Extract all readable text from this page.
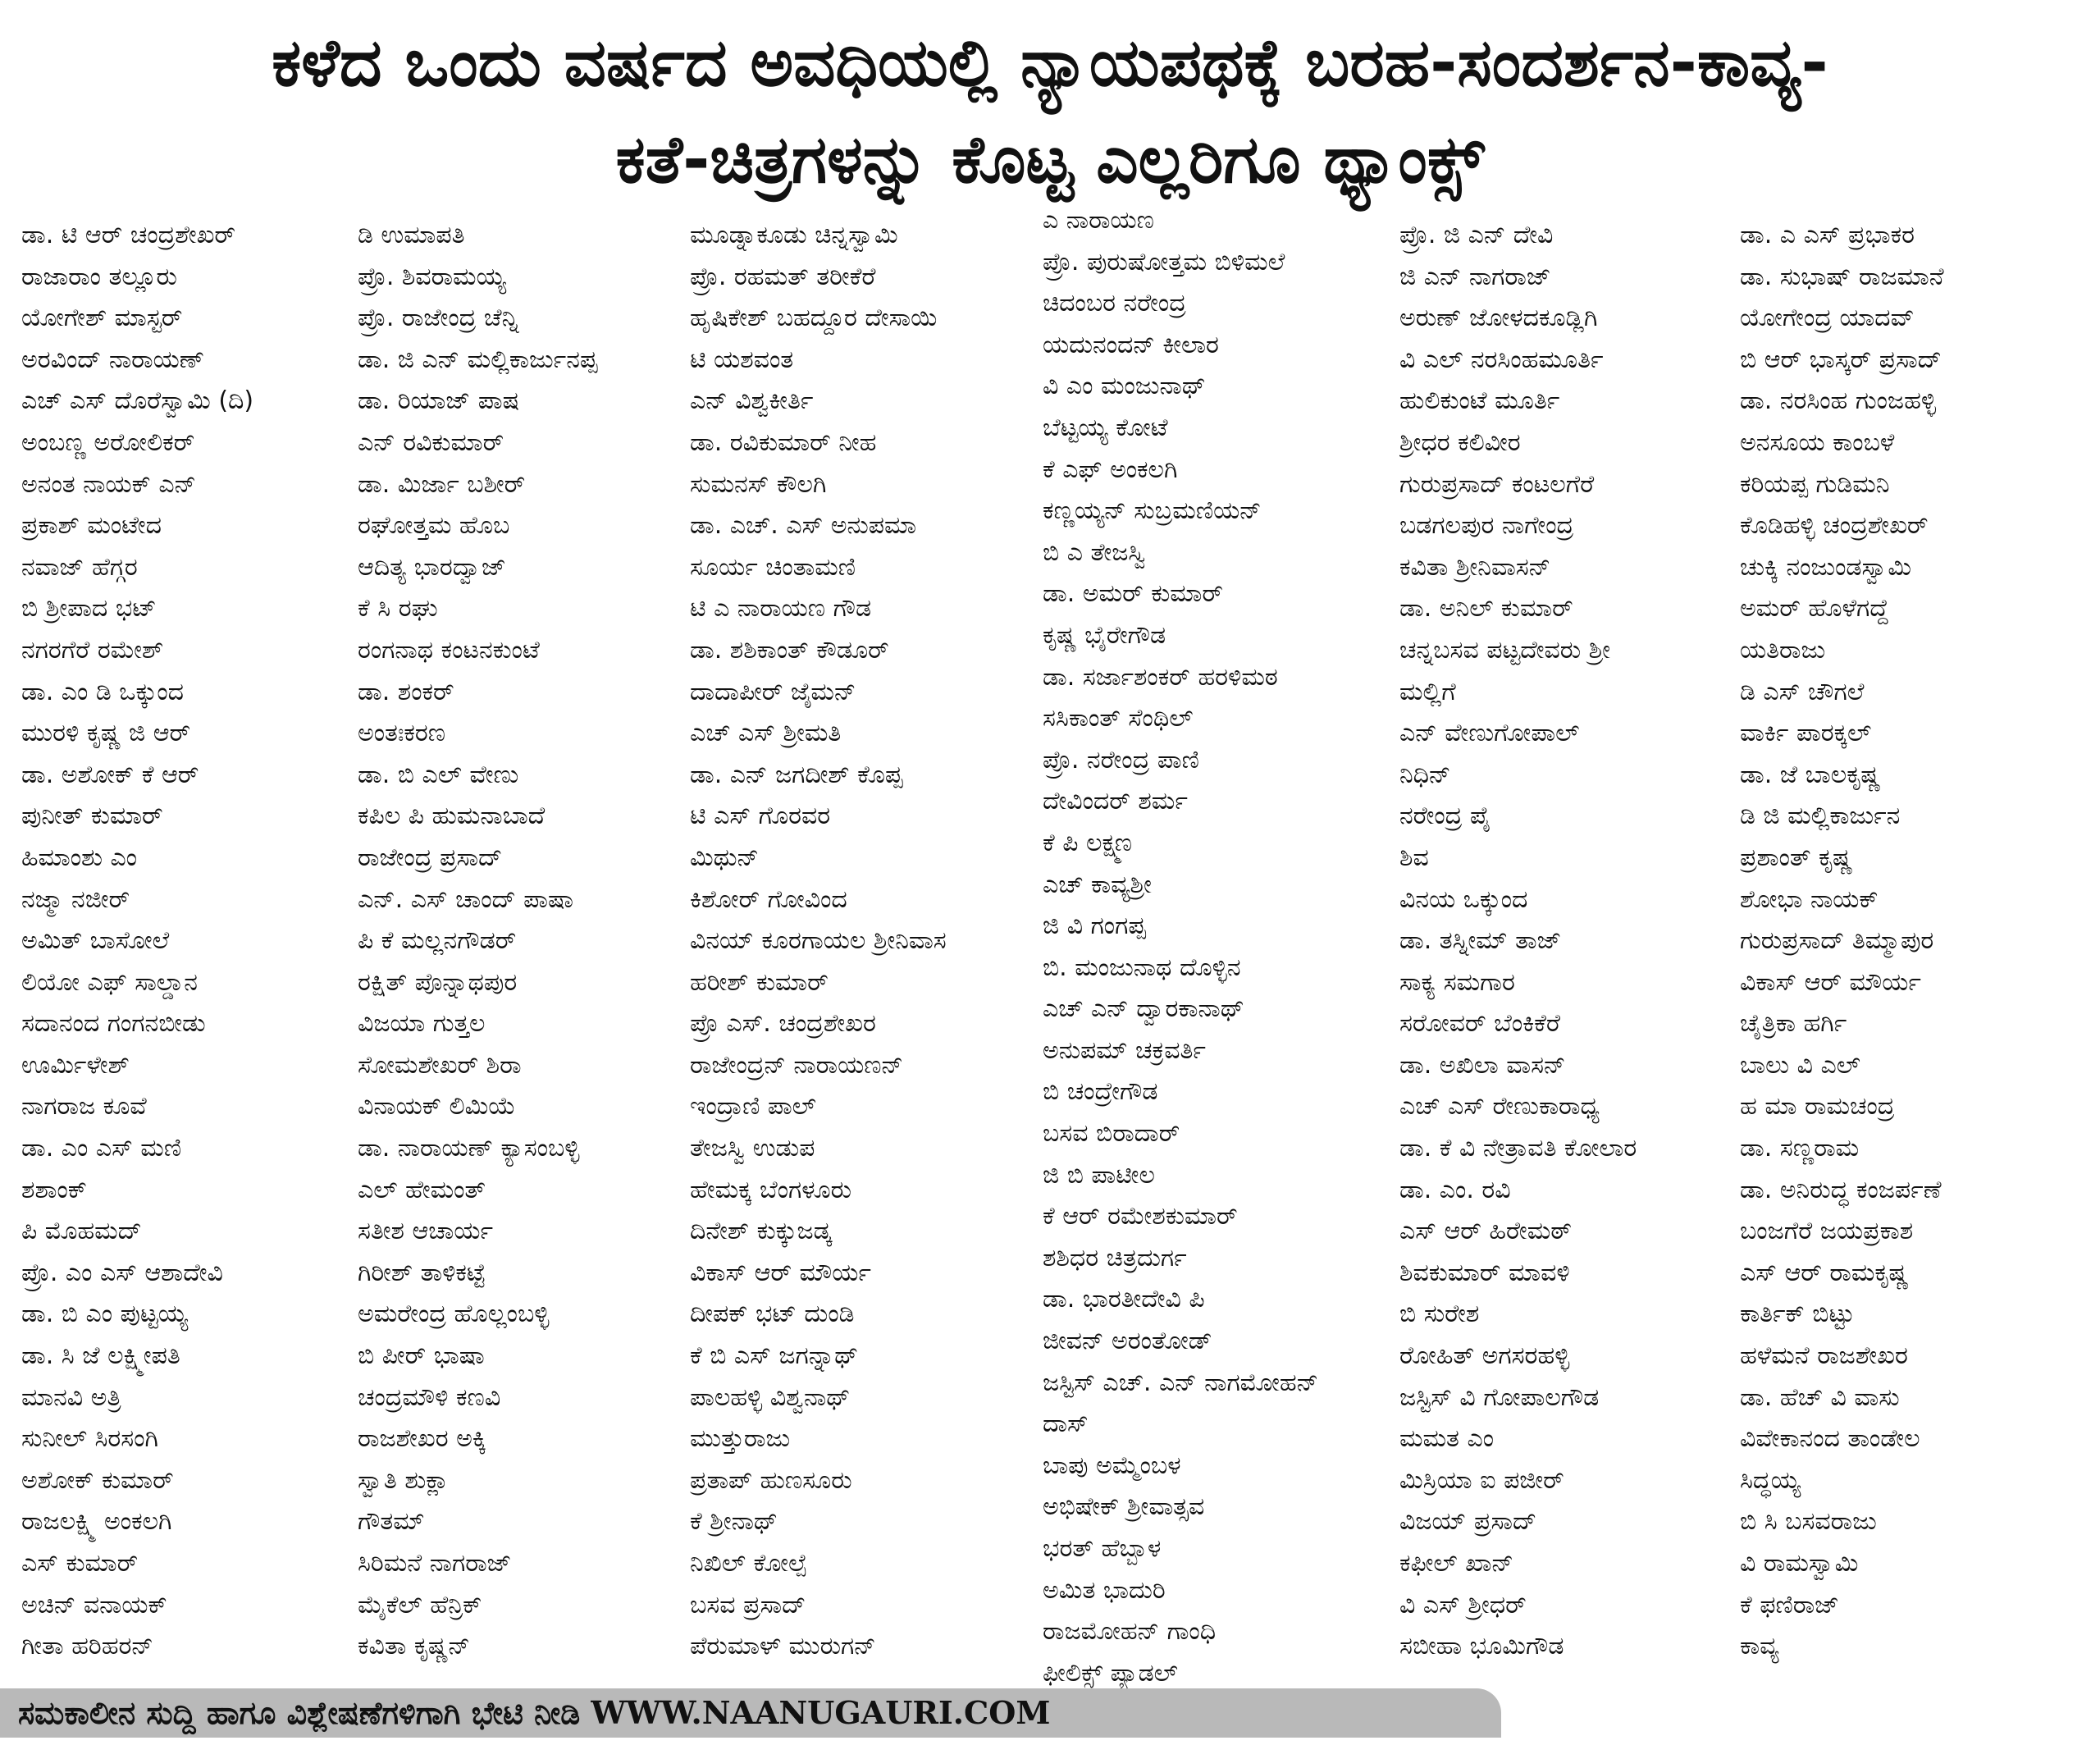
ಕಳೆದ ಒಂದು ವರ್ಷದ ಅವಧಿಯಲ್ಲಿ ನ್ಯಾಯಪಥಕ್ಕೆ ಬರಹ-ಸಂದರ್ಶನ-ಕಾವ್ಯ-
ಕತೆ-ಚಿತ್ರಗಳನ್ನು ಕೊಟ್ಟ ಎಲ್ಲರಿಗೂ ಥ್ಯಾಂಕ್ಸ್
ಡಾ. ಟಿ ಆರ್ ಚಂದ್ರಶೇಖರ್
ರಾಜಾರಾಂ ತಲ್ಲೂರು
ಯೋಗೇಶ್ ಮಾಸ್ಟರ್
ಅರವಿಂದ್ ನಾರಾಯಣ್
ಎಚ್ ಎಸ್ ದೊರೆಸ್ವಾಮಿ (ದಿ)
ಅಂಬಣ್ಣ ಅರೋಲಿಕರ್
ಅನಂತ ನಾಯಕ್ ಎನ್
ಪ್ರಕಾಶ್ ಮಂಟೇದ
ನವಾಜ್ ಹೆಗ್ಗರ
ಬಿ ಶ್ರೀಪಾದ ಭಟ್
ನಗರಗೆರೆ ರಮೇಶ್
ಡಾ. ಎಂ ಡಿ ಒಕ್ಕುಂದ
ಮುರಳಿ ಕೃಷ್ಣ ಜಿ ಆರ್
ಡಾ. ಅಶೋಕ್ ಕೆ ಆರ್
ಪುನೀತ್ ಕುಮಾರ್
ಹಿಮಾಂಶು ಎಂ
ನಜ್ಮಾ ನಜೀರ್
ಅಮಿತ್ ಬಾಸೋಲೆ
ಲಿಯೋ ಎಫ್ ಸಾಲ್ಡಾನ
ಸದಾನಂದ ಗಂಗನಬೀಡು
ಊರ್ಮಿಳೇಶ್
ನಾಗರಾಜ ಕೂವೆ
ಡಾ. ಎಂ ಎಸ್ ಮಣಿ
ಶಶಾಂಕ್
ಪಿ ಮೊಹಮದ್
ಪ್ರೊ. ಎಂ ಎಸ್ ಆಶಾದೇವಿ
ಡಾ. ಬಿ ಎಂ ಪುಟ್ಟಯ್ಯ
ಡಾ. ಸಿ ಜೆ ಲಕ್ಷ್ಮೀಪತಿ
ಮಾನವಿ ಅತ್ರಿ
ಸುನೀಲ್ ಸಿರಸಂಗಿ
ಅಶೋಕ್ ಕುಮಾರ್
ರಾಜಲಕ್ಷ್ಮಿ ಅಂಕಲಗಿ
ಎಸ್ ಕುಮಾರ್
ಅಚಿನ್ ವನಾಯಕ್
ಗೀತಾ ಹರಿಹರನ್
ಡಿ ಉಮಾಪತಿ
ಪ್ರೊ. ಶಿವರಾಮಯ್ಯ
ಪ್ರೊ. ರಾಜೇಂದ್ರ ಚೆನ್ನಿ
ಡಾ. ಜಿ ಎನ್ ಮಲ್ಲಿಕಾರ್ಜುನಪ್ಪ
ಡಾ. ರಿಯಾಜ್ ಪಾಷ
ಎನ್ ರವಿಕುಮಾರ್
ಡಾ. ಮಿರ್ಜಾ ಬಶೀರ್
ರಘೋತ್ತಮ ಹೊಬ
ಆದಿತ್ಯ ಭಾರದ್ವಾಜ್
ಕೆ ಸಿ ರಘು
ರಂಗನಾಥ ಕಂಟನಕುಂಟೆ
ಡಾ. ಶಂಕರ್
ಅಂತಃಕರಣ
ಡಾ. ಬಿ ಎಲ್ ವೇಣು
ಕಪಿಲ ಪಿ ಹುಮನಾಬಾದೆ
ರಾಜೇಂದ್ರ ಪ್ರಸಾದ್
ಎನ್. ಎಸ್ ಚಾಂದ್ ಪಾಷಾ
ಪಿ ಕೆ ಮಲ್ಲನಗೌಡರ್
ರಕ್ಷಿತ್ ಪೊನ್ನಾಥಪುರ
ವಿಜಯಾ ಗುತ್ತಲ
ಸೋಮಶೇಖರ್ ಶಿರಾ
ವಿನಾಯಕ್ ಲಿಮಿಯೆ
ಡಾ. ನಾರಾಯಣ್ ಕ್ಯಾಸಂಬಳ್ಳಿ
ಎಲ್ ಹೇಮಂತ್
ಸತೀಶ ಆಚಾರ್ಯ
ಗಿರೀಶ್ ತಾಳಿಕಟ್ಟೆ
ಅಮರೇಂದ್ರ ಹೊಲ್ಲಂಬಳ್ಳಿ
ಬಿ ಪೀರ್ ಭಾಷಾ
ಚಂದ್ರಮೌಳಿ ಕಣವಿ
ರಾಜಶೇಖರ ಅಕ್ಕಿ
ಸ್ವಾತಿ ಶುಕ್ಲಾ
ಗೌತಮ್
ಸಿರಿಮನೆ ನಾಗರಾಜ್
ಮೈಕೆಲ್ ಹೆನ್ರಿಕ್
ಕವಿತಾ ಕೃಷ್ಣನ್
ಮೂಡ್ನಾಕೂಡು ಚಿನ್ನಸ್ವಾಮಿ
ಪ್ರೊ. ರಹಮತ್ ತರೀಕೆರೆ
ಹೃಷಿಕೇಶ್ ಬಹದ್ದೂರ ದೇಸಾಯಿ
ಟಿ ಯಶವಂತ
ಎನ್ ವಿಶ್ವಕೀರ್ತಿ
ಡಾ. ರವಿಕುಮಾರ್ ನೀಹ
ಸುಮನಸ್ ಕೌಲಗಿ
ಡಾ. ಎಚ್. ಎಸ್ ಅನುಪಮಾ
ಸೂರ್ಯ ಚಿಂತಾಮಣಿ
ಟಿ ಎ ನಾರಾಯಣ ಗೌಡ
ಡಾ. ಶಶಿಕಾಂತ್ ಕೌಡೂರ್
ದಾದಾಪೀರ್ ಜೈಮನ್
ಎಚ್ ಎಸ್ ಶ್ರೀಮತಿ
ಡಾ. ಎನ್ ಜಗದೀಶ್ ಕೊಪ್ಪ
ಟಿ ಎಸ್ ಗೊರವರ
ಮಿಥುನ್
ಕಿಶೋರ್ ಗೋವಿಂದ
ವಿನಯ್ ಕೂರಗಾಯಲ ಶ್ರೀನಿವಾಸ
ಹರೀಶ್ ಕುಮಾರ್
ಪ್ರೊ ಎಸ್. ಚಂದ್ರಶೇಖರ
ರಾಜೇಂದ್ರನ್ ನಾರಾಯಣನ್
ಇಂದ್ರಾಣಿ ಪಾಲ್
ತೇಜಸ್ವಿ ಉಡುಪ
ಹೇಮಕ್ಕ ಬೆಂಗಳೂರು
ದಿನೇಶ್ ಕುಕ್ಕುಜಡ್ಕ
ವಿಕಾಸ್ ಆರ್ ಮೌರ್ಯ
ದೀಪಕ್ ಭಟ್ ದುಂಡಿ
ಕೆ ಬಿ ಎಸ್ ಜಗನ್ನಾಥ್
ಪಾಲಹಳ್ಳಿ ವಿಶ್ವನಾಥ್
ಮುತ್ತುರಾಜು
ಪ್ರತಾಪ್ ಹುಣಸೂರು
ಕೆ ಶ್ರೀನಾಥ್
ನಿಖಿಲ್ ಕೋಲ್ಪೆ
ಬಸವ ಪ್ರಸಾದ್
ಪೆರುಮಾಳ್ ಮುರುಗನ್
ಎ ನಾರಾಯಣ
ಪ್ರೊ. ಪುರುಷೋತ್ತಮ ಬಿಳಿಮಲೆ
ಚಿದಂಬರ ನರೇಂದ್ರ
ಯದುನಂದನ್ ಕೀಲಾರ
ವಿ ಎಂ ಮಂಜುನಾಥ್
ಬೆಟ್ಟಯ್ಯ ಕೋಟೆ
ಕೆ ಎಫ್ ಅಂಕಲಗಿ
ಕಣ್ಣಯ್ಯನ್ ಸುಬ್ರಮಣಿಯನ್
ಬಿ ಎ ತೇಜಸ್ವಿ
ಡಾ. ಅಮರ್ ಕುಮಾರ್
ಕೃಷ್ಣ ಭೈರೇಗೌಡ
ಡಾ. ಸರ್ಜಾಶಂಕರ್ ಹರಳಿಮಠ
ಸಸಿಕಾಂತ್ ಸೆಂಥಿಲ್
ಪ್ರೊ. ನರೇಂದ್ರ ಪಾಣಿ
ದೇವಿಂದರ್ ಶರ್ಮ
ಕೆ ಪಿ ಲಕ್ಷ್ಮಣ
ಎಚ್ ಕಾವ್ಯಶ್ರೀ
ಜಿ ವಿ ಗಂಗಪ್ಪ
ಬಿ. ಮಂಜುನಾಥ ದೊಳ್ಳಿನ
ಎಚ್ ಎನ್ ದ್ವಾರಕಾನಾಥ್
ಅನುಪಮ್ ಚಕ್ರವರ್ತಿ
ಬಿ ಚಂದ್ರೇಗೌಡ
ಬಸವ ಬಿರಾದಾರ್
ಜಿ ಬಿ ಪಾಟೀಲ
ಕೆ ಆರ್ ರಮೇಶಕುಮಾರ್
ಶಶಿಧರ ಚಿತ್ರದುರ್ಗ
ಡಾ. ಭಾರತೀದೇವಿ ಪಿ
ಜೀವನ್ ಅರಂತೋಡ್
ಜಸ್ಟಿಸ್ ಎಚ್. ಎನ್ ನಾಗಮೋಹನ್
ದಾಸ್
ಬಾಪು ಅಮ್ಮೆಂಬಳ
ಅಭಿಷೇಕ್ ಶ್ರೀವಾತ್ಸವ
ಭರತ್ ಹೆಬ್ಬಾಳ
ಅಮಿತ ಭಾದುರಿ
ರಾಜಮೋಹನ್ ಗಾಂಧಿ
ಫೀಲಿಕ್ಸ್ ಪ್ಯಾಡಲ್
ಪ್ರೊ. ಜಿ ಎನ್ ದೇವಿ
ಜಿ ಎನ್ ನಾಗರಾಜ್
ಅರುಣ್ ಜೋಳದಕೂಡ್ಲಿಗಿ
ವಿ ಎಲ್ ನರಸಿಂಹಮೂರ್ತಿ
ಹುಲಿಕುಂಟೆ ಮೂರ್ತಿ
ಶ್ರೀಧರ ಕಲಿವೀರ
ಗುರುಪ್ರಸಾದ್ ಕಂಟಲಗೆರೆ
ಬಡಗಲಪುರ ನಾಗೇಂದ್ರ
ಕವಿತಾ ಶ್ರೀನಿವಾಸನ್
ಡಾ. ಅನಿಲ್ ಕುಮಾರ್
ಚನ್ನಬಸವ ಪಟ್ಟದೇವರು ಶ್ರೀ
ಮಲ್ಲಿಗೆ
ಎನ್ ವೇಣುಗೋಪಾಲ್
ನಿಧಿನ್
ನರೇಂದ್ರ ಪೈ
ಶಿವ
ವಿನಯ ಒಕ್ಕುಂದ
ಡಾ. ತಸ್ನೀಮ್ ತಾಜ್
ಸಾಕ್ಯ ಸಮಗಾರ
ಸರೋವರ್ ಬೆಂಕಿಕೆರೆ
ಡಾ. ಅಖಿಲಾ ವಾಸನ್
ಎಚ್ ಎಸ್ ರೇಣುಕಾರಾಧ್ಯ
ಡಾ. ಕೆ ವಿ ನೇತ್ರಾವತಿ ಕೋಲಾರ
ಡಾ. ಎಂ. ರವಿ
ಎಸ್ ಆರ್ ಹಿರೇಮಠ್
ಶಿವಕುಮಾರ್ ಮಾವಳಿ
ಬಿ ಸುರೇಶ
ರೋಹಿತ್ ಅಗಸರಹಳ್ಳಿ
ಜಸ್ಟಿಸ್ ವಿ ಗೋಪಾಲಗೌಡ
ಮಮತ ಎಂ
ಮಿಸ್ರಿಯಾ ಐ ಪಜೀರ್
ವಿಜಯ್ ಪ್ರಸಾದ್
ಕಫೀಲ್ ಖಾನ್
ವಿ ಎಸ್ ಶ್ರೀಧರ್
ಸಬೀಹಾ ಭೂಮಿಗೌಡ
ಡಾ. ಎ ಎಸ್ ಪ್ರಭಾಕರ
ಡಾ. ಸುಭಾಷ್ ರಾಜಮಾನೆ
ಯೋಗೇಂದ್ರ ಯಾದವ್
ಬಿ ಆರ್ ಭಾಸ್ಕರ್ ಪ್ರಸಾದ್
ಡಾ. ನರಸಿಂಹ ಗುಂಜಹಳ್ಳಿ
ಅನಸೂಯ ಕಾಂಬಳೆ
ಕರಿಯಪ್ಪ ಗುಡಿಮನಿ
ಕೊಡಿಹಳ್ಳಿ ಚಂದ್ರಶೇಖರ್
ಚುಕ್ಕಿ ನಂಜುಂಡಸ್ವಾಮಿ
ಅಮರ್ ಹೊಳೆಗದ್ದೆ
ಯತಿರಾಜು
ಡಿ ಎಸ್ ಚೌಗಲೆ
ವಾರ್ಕಿ ಪಾರಕ್ಕಲ್
ಡಾ. ಜೆ ಬಾಲಕೃಷ್ಣ
ಡಿ ಜಿ ಮಲ್ಲಿಕಾರ್ಜುನ
ಪ್ರಶಾಂತ್ ಕೃಷ್ಣ
ಶೋಭಾ ನಾಯಕ್
ಗುರುಪ್ರಸಾದ್ ತಿಮ್ಮಾಪುರ
ವಿಕಾಸ್ ಆರ್ ಮೌರ್ಯ
ಚೈತ್ರಿಕಾ ಹರ್ಗಿ
ಬಾಲು ವಿ ಎಲ್
ಹ ಮಾ ರಾಮಚಂದ್ರ
ಡಾ. ಸಣ್ಣರಾಮ
ಡಾ. ಅನಿರುದ್ಧ ಕಂಜರ್ಪಣೆ
ಬಂಜಗೆರೆ ಜಯಪ್ರಕಾಶ
ಎಸ್ ಆರ್ ರಾಮಕೃಷ್ಣ
ಕಾರ್ತಿಕ್ ಬಿಟ್ಟು
ಹಳೆಮನೆ ರಾಜಶೇಖರ
ಡಾ. ಹೆಚ್ ವಿ ವಾಸು
ವಿವೇಕಾನಂದ ತಾಂಡೇಲ
ಸಿದ್ಧಯ್ಯ
ಬಿ ಸಿ ಬಸವರಾಜು
ವಿ ರಾಮಸ್ವಾಮಿ
ಕೆ ಫಣಿರಾಜ್
ಕಾವ್ಯ
ಸಮಕಾಲೀನ ಸುದ್ದಿ ಹಾಗೂ ವಿಶ್ಲೇಷಣೆಗಳಿಗಾಗಿ ಭೇಟಿ ನೀಡಿ WWW.NAANUGAURI.COM
